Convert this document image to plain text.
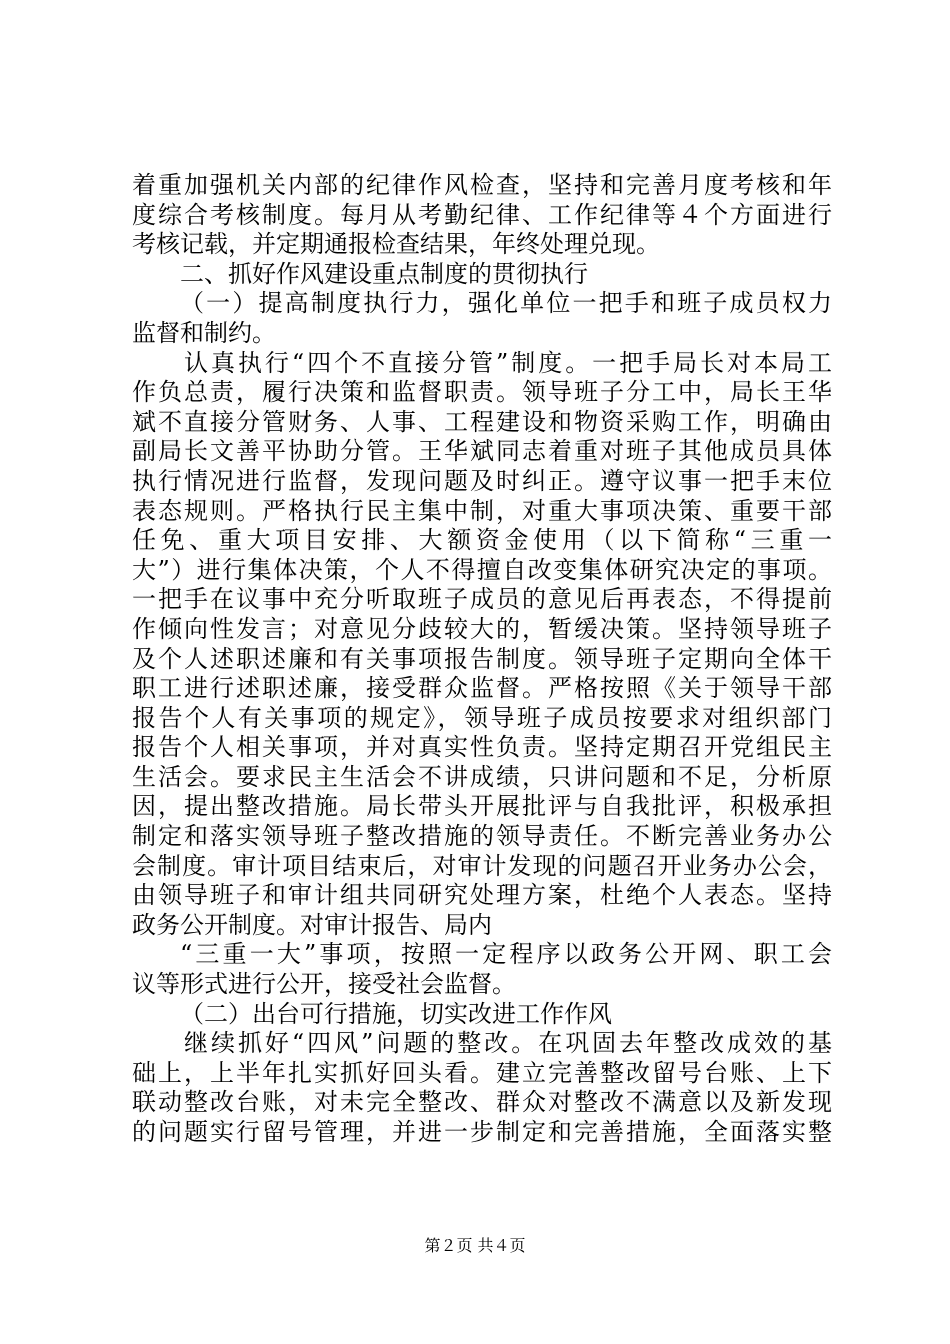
着重加强机关内部的纪律作风检查，坚持和完善月度考核和年
度综合考核制度。每月从考勤纪律、工作纪律等４个方面进行
考核记载，并定期通报检查结果，年终处理兑现。
二、抓好作风建设重点制度的贯彻执行
（一）提高制度执行力，强化单位一把手和班子成员权力
监督和制约。
认真执行“四个不直接分管”制度。一把手局长对本局工
作负总责，履行决策和监督职责。领导班子分工中，局长王华
斌不直接分管财务、人事、工程建设和物资采购工作，明确由
副局长文善平协助分管。王华斌同志着重对班子其他成员具体
执行情况进行监督，发现问题及时纠正。遵守议事一把手末位
表态规则。严格执行民主集中制，对重大事项决策、重要干部
任免、重大项目安排、大额资金使用（以下简称“三重一
大”）进行集体决策，个人不得擅自改变集体研究决定的事项。
一把手在议事中充分听取班子成员的意见后再表态，不得提前
作倾向性发言；对意见分歧较大的，暂缓决策。坚持领导班子
及个人述职述廉和有关事项报告制度。领导班子定期向全体干
职工进行述职述廉，接受群众监督。严格按照《关于领导干部
报告个人有关事项的规定》，领导班子成员按要求对组织部门
报告个人相关事项，并对真实性负责。坚持定期召开党组民主
生活会。要求民主生活会不讲成绩，只讲问题和不足，分析原
因，提出整改措施。局长带头开展批评与自我批评，积极承担
制定和落实领导班子整改措施的领导责任。不断完善业务办公
会制度。审计项目结束后，对审计发现的问题召开业务办公会，
由领导班子和审计组共同研究处理方案，杜绝个人表态。坚持
政务公开制度。对审计报告、局内
“三重一大”事项，按照一定程序以政务公开网、职工会
议等形式进行公开，接受社会监督。
（二）出台可行措施，切实改进工作作风
继续抓好“四风”问题的整改。在巩固去年整改成效的基
础上，上半年扎实抓好回头看。建立完善整改留号台账、上下
联动整改台账，对未完全整改、群众对整改不满意以及新发现
的问题实行留号管理，并进一步制定和完善措施，全面落实整
第２页 共４页
